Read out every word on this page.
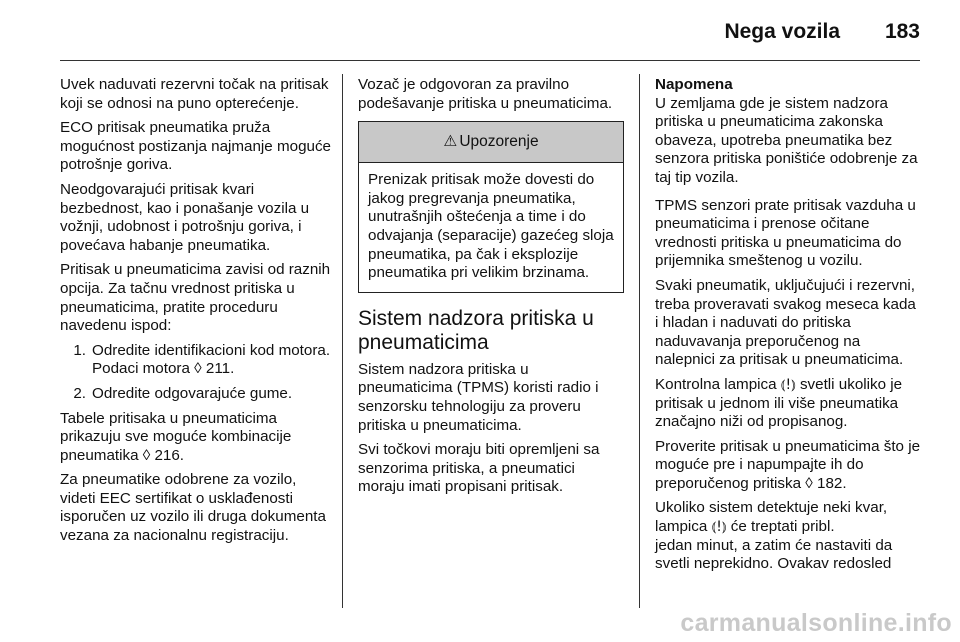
Nega vozila 183

Uvek naduvati rezervni točak na pritisak koji se odnosi na puno opterećenje.

ECO pritisak pneumatika pruža mogućnost postizanja najmanje moguće potrošnje goriva.

Neodgovarajući pritisak kvari bezbednost, kao i ponašanje vozila u vožnji, udobnost i potrošnju goriva, i povećava habanje pneumatika.

Pritisak u pneumaticima zavisi od raznih opcija. Za tačnu vrednost pritiska u pneumaticima, pratite proceduru navedenu ispod:

1. Odredite identifikacioni kod motora. Podaci motora ◊ 211.
2. Odredite odgovarajuće gume.

Tabele pritisaka u pneumaticima prikazuju sve moguće kombinacije pneumatika ◊ 216.

Za pneumatike odobrene za vozilo, videti EEC sertifikat o usklađenosti isporučen uz vozilo ili druga dokumenta vezana za nacionalnu registraciju.

Vozač je odgovoran za pravilno podešavanje pritiska u pneumaticima.

⚠ Upozorenje
Prenizak pritisak može dovesti do jakog pregrevanja pneumatika, unutrašnjih oštećenja a time i do odvajanja (separacije) gazećeg sloja pneumatika, pa čak i eksplozije pneumatika pri velikim brzinama.
Sistem nadzora pritiska u pneumaticima

Sistem nadzora pritiska u pneumaticima (TPMS) koristi radio i senzorsku tehnologiju za proveru pritiska u pneumaticima.

Svi točkovi moraju biti opremljeni sa senzorima pritiska, a pneumatici moraju imati propisani pritisak.

Napomena
U zemljama gde je sistem nadzora pritiska u pneumaticima zakonska obaveza, upotreba pneumatika bez senzora pritiska poništiće odobrenje za taj tip vozila.

TPMS senzori prate pritisak vazduha u pneumaticima i prenose očitane vrednosti pritiska u pneumaticima do prijemnika smeštenog u vozilu.

Svaki pneumatik, uključujući i rezervni, treba proveravati svakog meseca kada i hladan i naduvati do pritiska naduvavanja preporučenog na nalepnici za pritisak u pneumaticima.

Kontrolna lampica ⦅!⦆ svetli ukoliko je pritisak u jednom ili više pneumatika značajno niži od propisanog.

Proverite pritisak u pneumaticima što je moguće pre i napumpajte ih do preporučenog pritiska ◊ 182.

Ukoliko sistem detektuje neki kvar,
lampica ⦅!⦆ će treptati pribl.
jedan minut, a zatim će nastaviti da svetli neprekidno. Ovakav redosled

carmanualsonline.info
